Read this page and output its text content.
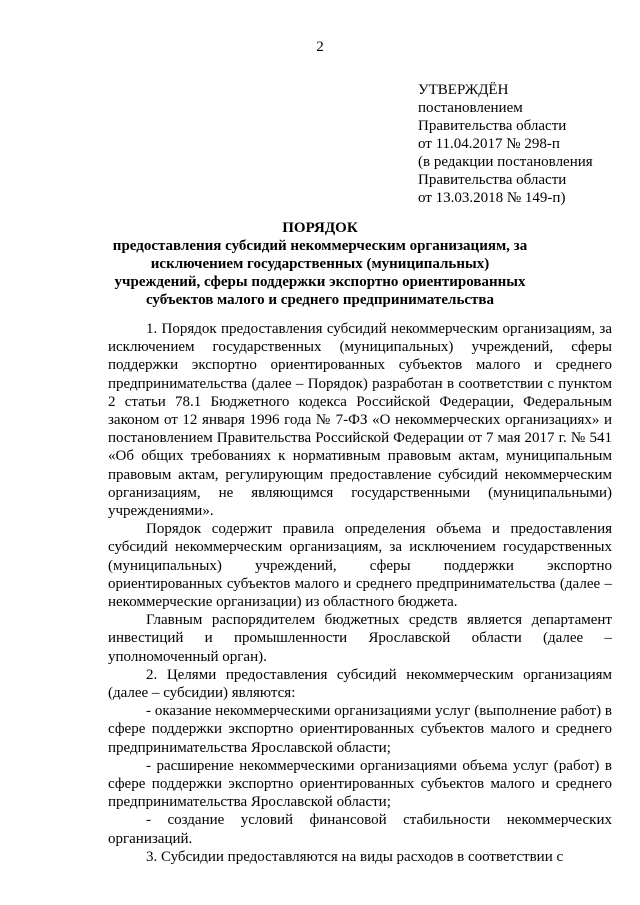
2
УТВЕРЖДЁН
постановлением
Правительства области
от 11.04.2017 № 298-п
(в редакции постановления
Правительства области
от 13.03.2018 № 149-п)
ПОРЯДОК
предоставления субсидий некоммерческим организациям, за исключением государственных (муниципальных) учреждений, сферы поддержки экспортно ориентированных субъектов малого и среднего предпринимательства

1. Порядок предоставления субсидий некоммерческим организациям, за исключением государственных (муниципальных) учреждений, сферы поддержки экспортно ориентированных субъектов малого и среднего предпринимательства (далее – Порядок) разработан в соответствии с пунктом 2 статьи 78.1 Бюджетного кодекса Российской Федерации, Федеральным законом от 12 января 1996 года № 7-ФЗ «О некоммерческих организациях» и постановлением Правительства Российской Федерации от 7 мая 2017 г. № 541 «Об общих требованиях к нормативным правовым актам, муниципальным правовым актам, регулирующим предоставление субсидий некоммерческим организациям, не являющимся государственными (муниципальными) учреждениями».

Порядок содержит правила определения объема и предоставления субсидий некоммерческим организациям, за исключением государственных (муниципальных) учреждений, сферы поддержки экспортно ориентированных субъектов малого и среднего предпринимательства (далее – некоммерческие организации) из областного бюджета.

Главным распорядителем бюджетных средств является департамент инвестиций и промышленности Ярославской области (далее – уполномоченный орган).

2. Целями предоставления субсидий некоммерческим организациям (далее – субсидии) являются:

- оказание некоммерческими организациями услуг (выполнение работ) в сфере поддержки экспортно ориентированных субъектов малого и среднего предпринимательства Ярославской области;

- расширение некоммерческими организациями объема услуг (работ) в сфере поддержки экспортно ориентированных субъектов малого и среднего предпринимательства Ярославской области;

- создание условий финансовой стабильности некоммерческих организаций.

3. Субсидии предоставляются на виды расходов в соответствии с
